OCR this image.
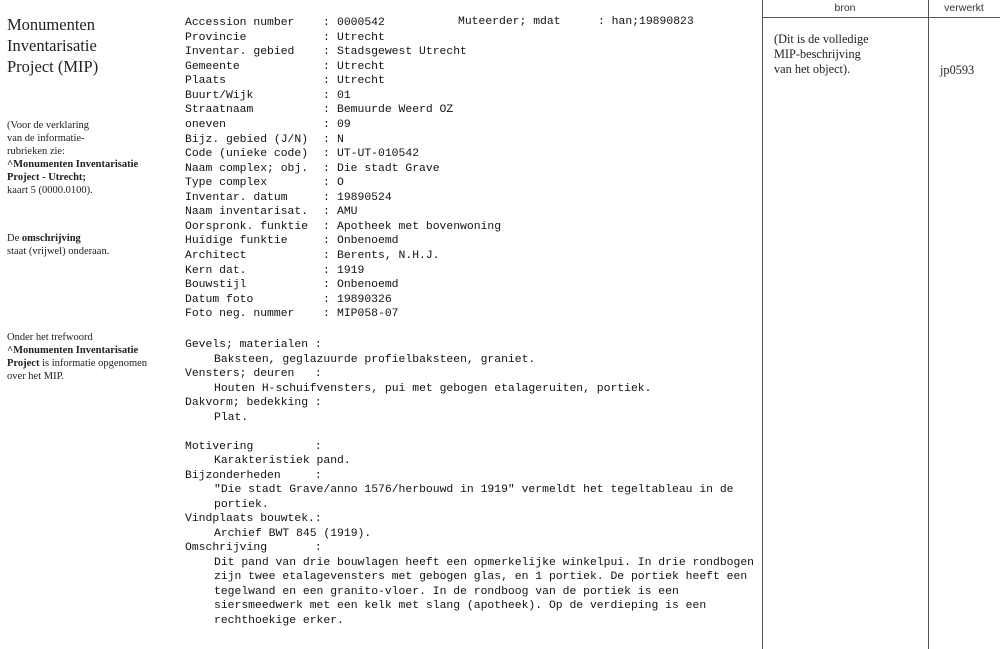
Monumenten
Inventarisatie
Project (MIP)
(Voor de verklaring
van de informatie-
rubrieken zie:
^Monumenten Inventarisatie
Project - Utrecht;
kaart 5 (0000.0100).
De omschrijving
staat (vrijwel) onderaan.
Onder het trefwoord
^Monumenten Inventarisatie Project is informatie opgenomen over het MIP.
Muteerder; mdat	: han;19890823
Accession number	: 0000542
Provincie	: Utrecht
Inventar. gebied	: Stadsgewest Utrecht
Gemeente	: Utrecht
Plaats	: Utrecht
Buurt/Wijk	: 01
Straatnaam	: Bemuurde Weerd OZ
oneven	: 09
Bijz. gebied (J/N)	: N
Code (unieke code)	: UT-UT-010542
Naam complex; obj.	: Die stadt Grave
Type complex	: O
Inventar. datum	: 19890524
Naam inventarisat.	: AMU
Oorspronk. funktie	: Apotheek met bovenwoning
Huidige funktie	: Onbenoemd
Architect	: Berents, N.H.J.
Kern dat.	: 1919
Bouwstijl	: Onbenoemd
Datum foto	: 19890326
Foto neg. nummer	: MIP058-07
Gevels; materialen :
Baksteen, geglazuurde profielbaksteen, graniet.
Vensters; deuren   :
Houten H-schuifvensters, pui met gebogen etalageruiten, portiek.
Dakvorm; bedekking :
Plat.
Motivering         :
Karakteristiek pand.
Bijzonderheden     :
"Die stadt Grave/anno 1576/herbouwd in 1919" vermeldt het tegeltableau in de portiek.
Vindplaats bouwtek.:
Archief BWT 845 (1919).
Omschrijving       :
Dit pand van drie bouwlagen heeft een opmerkelijke winkelpui. In drie rondbogen zijn twee etalagevensters met gebogen glas, en 1 portiek. De portiek heeft een tegelwand en een granito-vloer. In de rondboog van de portiek is een siersmeedwerk met een kelk met slang (apotheek). Op de verdieping is een rechthoekige erker.
bron	verwerkt
(Dit is de volledige
MIP-beschrijving
van het object).	jp0593
